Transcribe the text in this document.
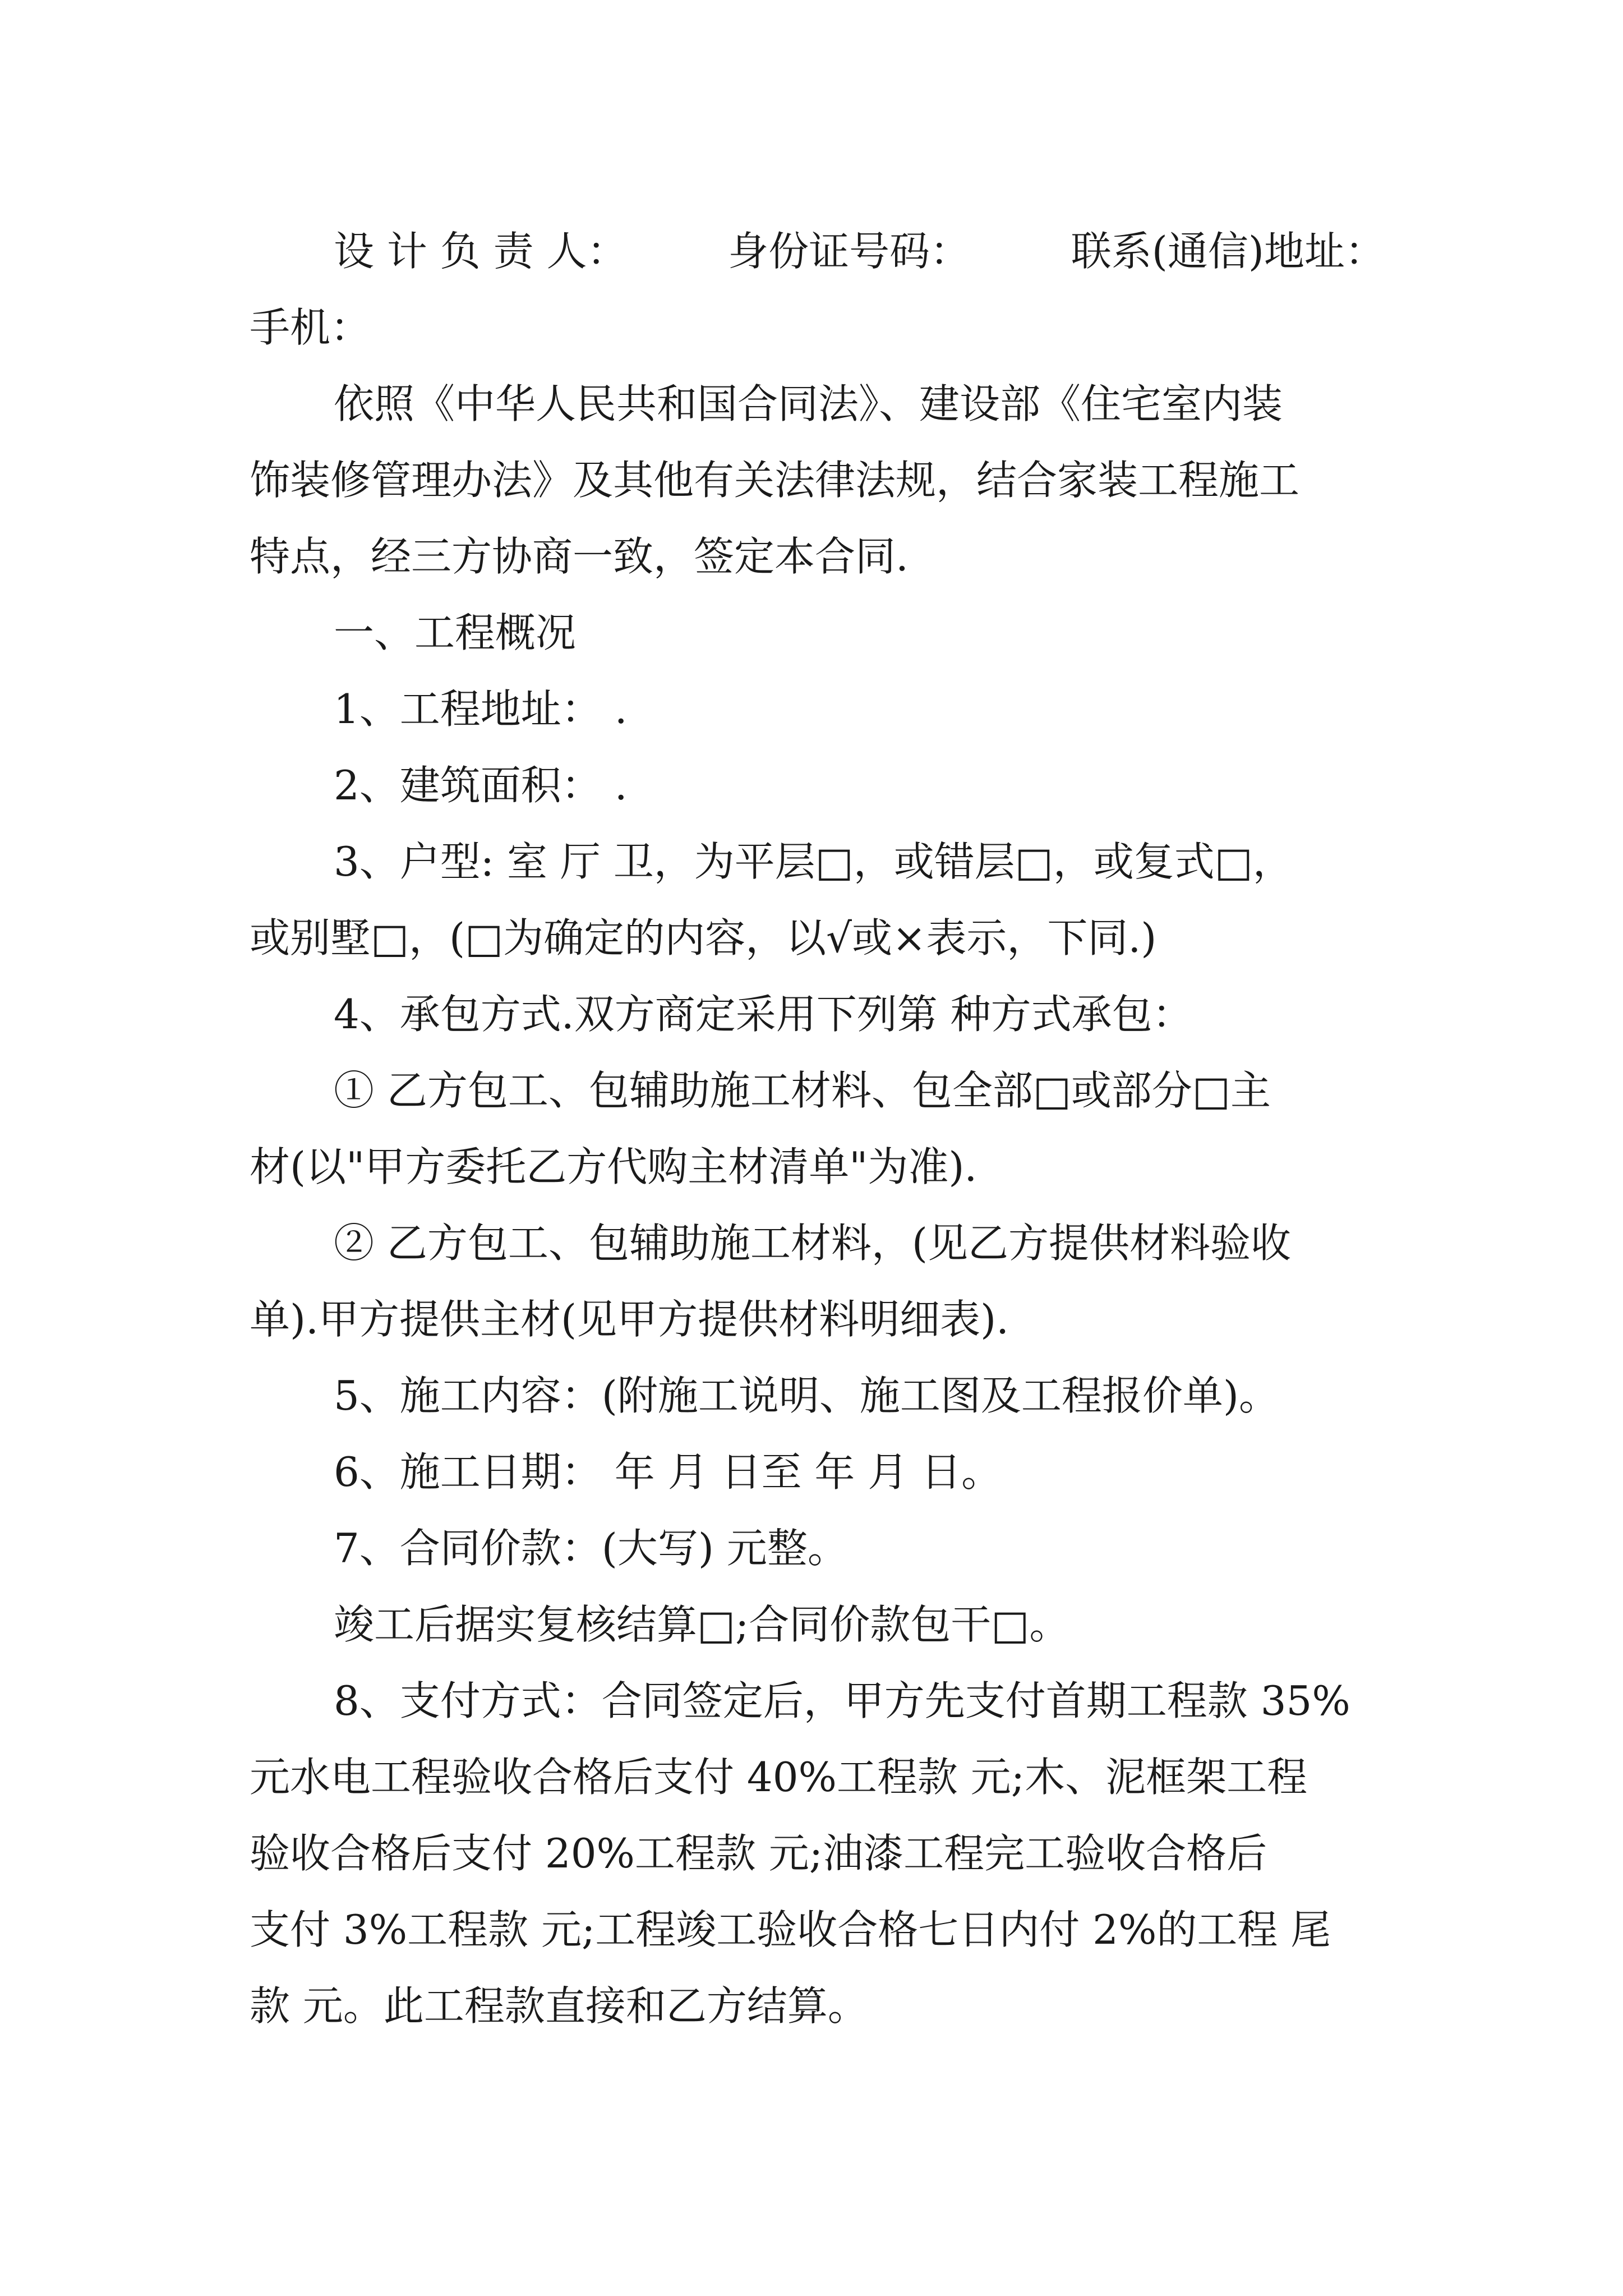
设 计 负 责 人： 身份证号码： 联系(通信)地址：
手机：
依照《中华人民共和国合同法》、建设部《住宅室内装
饰装修管理办法》及其他有关法律法规，结合家装工程施工
特点，经三方协商一致，签定本合同.
一、工程概况
1、工程地址： .
2、建筑面积： .
3、户型: 室 厅 卫，为平层□，或错层□，或复式□，
或别墅□，(□为确定的内容，以√或×表示，下同.)
4、承包方式.双方商定采用下列第 种方式承包：
① 乙方包工、包辅助施工材料、包全部□或部分□主
材(以"甲方委托乙方代购主材清单"为准).
② 乙方包工、包辅助施工材料，(见乙方提供材料验收
单).甲方提供主材(见甲方提供材料明细表).
5、施工内容：(附施工说明、施工图及工程报价单)。
6、施工日期： 年 月 日至 年 月 日。
7、合同价款：(大写) 元整。
竣工后据实复核结算□;合同价款包干□。
8、支付方式：合同签定后，甲方先支付首期工程款 35%
元水电工程验收合格后支付 40%工程款 元;木、泥框架工程
验收合格后支付 20%工程款 元;油漆工程完工验收合格后
支付 3%工程款 元;工程竣工验收合格七日内付 2%的工程 尾
款 元。此工程款直接和乙方结算。
